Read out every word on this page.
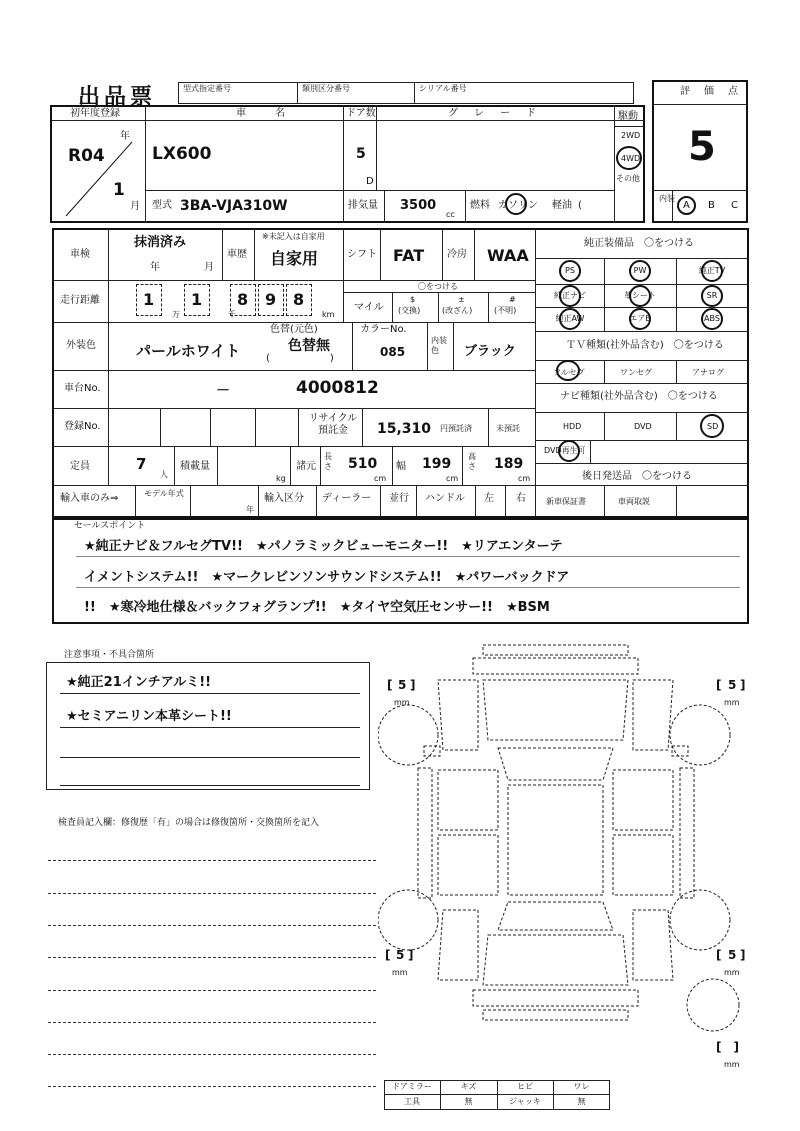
出品票	型式指定番号	類別区分番号	シリアル番号
初年度登録	車　　名	ドア数	グ　レ　ー　ド	駆動
年
R04
1
月
LX600	5
D
2WD
4WD
その他
型式 3BA-VJA310W	排気量 3500
cc
燃料 ガソリン 軽油 (　　　　　　)
評　価　点
5
内装
A B C
車検
抹消済み
年	月
車歴
※未記入は自家用
自家用	シフト FAT 冷房 WAA
走行距離	1 1 8 9 8
万	千	km
〇をつける
マイル
$
(交換)
±
(改ざん)
#
(不明)
外装色	パールホワイト
色替(元色)
色替無
(　　　　　　)
カラーNo.
085
内装色	ブラック
車台No.	－	4000812
登録No.
リサイクル預託金	15,310 円預託済	未預託
定員	7
人
積載量
kg
諸元
長さ 510
cm
幅 199
cm
高さ 189
cm
輸入車のみ⇒	モデル年式
年
輸入区分 ディーラー 並行 ハンドル 左 右
純正装備品　〇をつける
PS	PW	純正TV
純正ナビ	革シート	SR
純正AW	エアB	ABS
ＴＶ種類(社外品含む)　〇をつける
フルセグ	ワンセグ	アナログ
ナビ種類(社外品含む)　〇をつける
HDD	DVD	SD
DVD再生可
後日発送品　〇をつける
新車保証書	車両取説
セールスポイント
★純正ナビ＆フルセグTV!!　★パノラミックビューモニター!!　★リアエンターテ
イメントシステム!!　★マークレビンソンサウンドシステム!!　★パワーバックドア
!!　★寒冷地仕様＆バックフォグランプ!!　★タイヤ空気圧センサー!!　★BSM
注意事項・不具合箇所
★純正21インチアルミ!!
★セミアニリン本革シート!!
検査員記入欄：修復歴「有」の場合は修復箇所・交換箇所を記入
[ 5 ]
mm
[ 5 ]
mm
[ 5 ]
mm
[ 5 ]
mm
[　]
mm
ドアミラー	キズ	ヒビ	ワレ
工具	無	ジャッキ	無
